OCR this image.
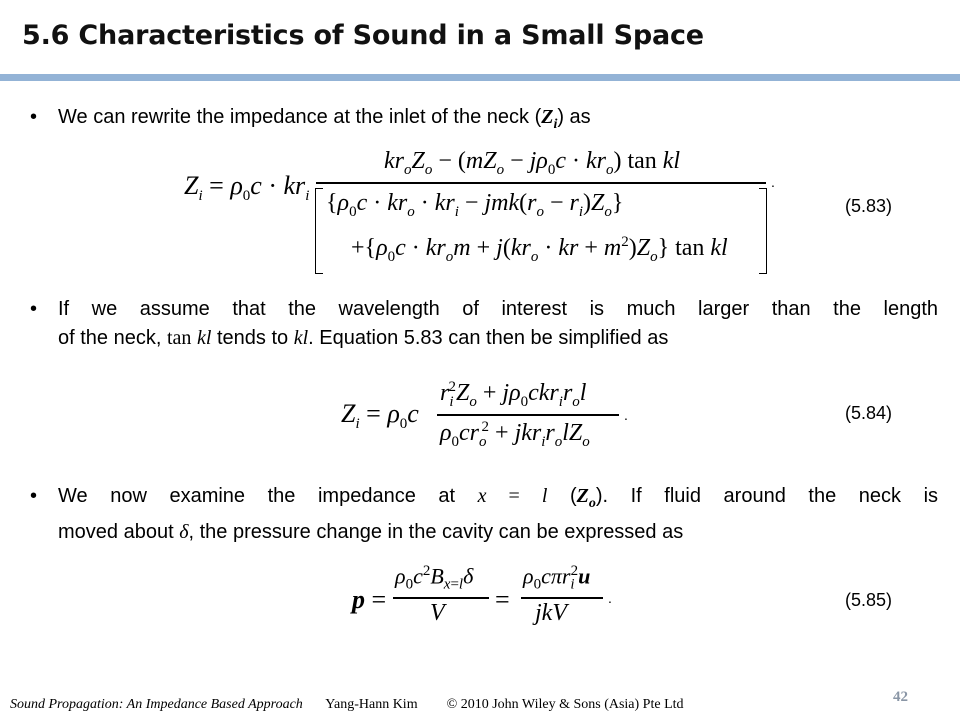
5.6 Characteristics of Sound in a Small Space
• We can rewrite the impedance at the inlet of the neck $(Z_i)$ as
$Z_i = \rho_0c \cdot kr_i$
$kr_oZ_o - (mZ_o - j\rho_0c \cdot kr_o)$ tan kl
.
$\{\rho_0c \cdot kr_o \cdot kr_i - jmk(r_o - r_i)Z_o\}$
$+\{\rho_0c \cdot kr_om + j(kr_o$ · kr + $m^2)Z_o$} tan kl
(5.83)
• If we assume that the wavelength of interest is much larger than the length
of the neck, tan kl tends to kl. Equation 5.83 can then be simplified as
$Z_i = \rho_0c$
$r_i^2Z_o + j\rho_0ckr_ir_ol$
.
$\rho_0cr_o^2 + jkr_ir_olZ_o$
(5.84)
• We now examine the impedance at x = l $(Z_o)$. If fluid around the neck is
moved about δ, the pressure change in the cavity can be expressed as
p =
$\rho_0c^2B_{x=l}\delta$
V =
$\rho_0c\pi r_i^2u$
jkV
.	(5.85)
Sound Propagation: An Impedance Based Approach Yang-Hann Kim © 2010 John Wiley & Sons (Asia) Pte Ltd	42
